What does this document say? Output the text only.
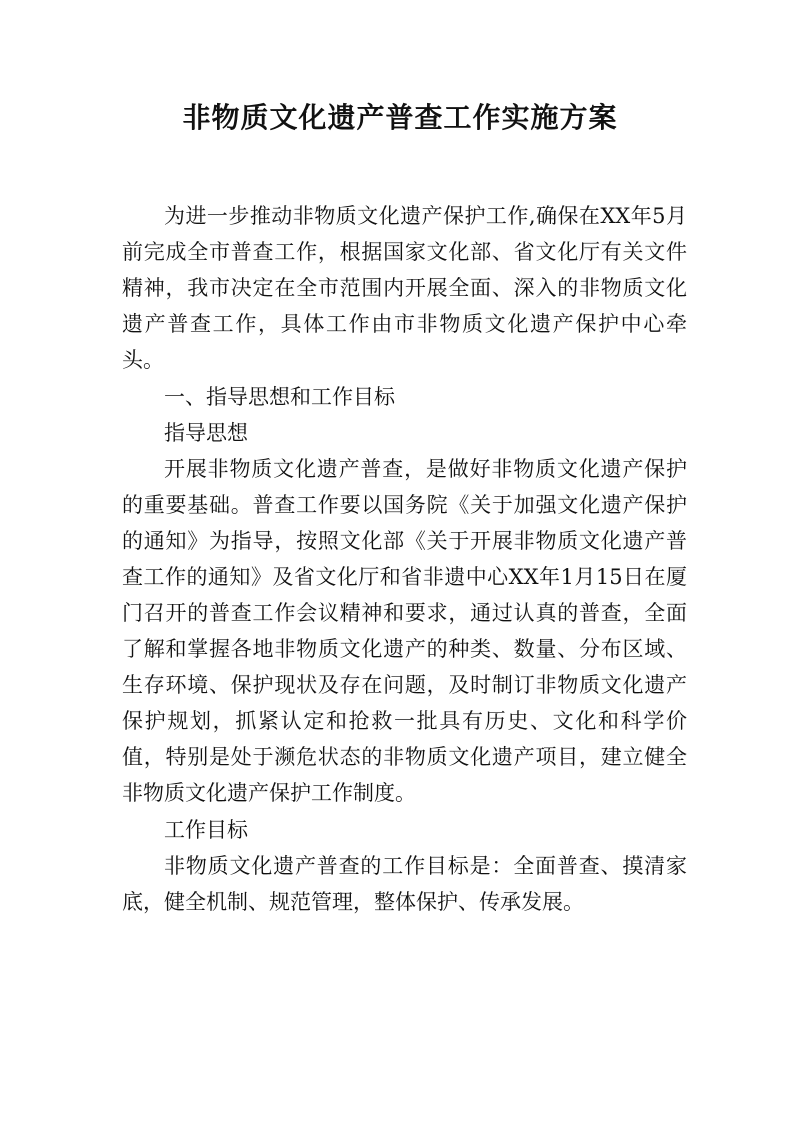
非物质文化遗产普查工作实施方案

为进一步推动非物质文化遗产保护工作,确保在XX年5月前完成全市普查工作，根据国家文化部、省文化厅有关文件精神，我市决定在全市范围内开展全面、深入的非物质文化遗产普查工作，具体工作由市非物质文化遗产保护中心牵头。

一、指导思想和工作目标

指导思想

开展非物质文化遗产普查，是做好非物质文化遗产保护的重要基础。普查工作要以国务院《关于加强文化遗产保护的通知》为指导，按照文化部《关于开展非物质文化遗产普查工作的通知》及省文化厅和省非遗中心XX年1月15日在厦门召开的普查工作会议精神和要求，通过认真的普查，全面了解和掌握各地非物质文化遗产的种类、数量、分布区域、生存环境、保护现状及存在问题，及时制订非物质文化遗产保护规划，抓紧认定和抢救一批具有历史、文化和科学价值，特别是处于濒危状态的非物质文化遗产项目，建立健全非物质文化遗产保护工作制度。

工作目标

非物质文化遗产普查的工作目标是：全面普查、摸清家底，健全机制、规范管理，整体保护、传承发展。
